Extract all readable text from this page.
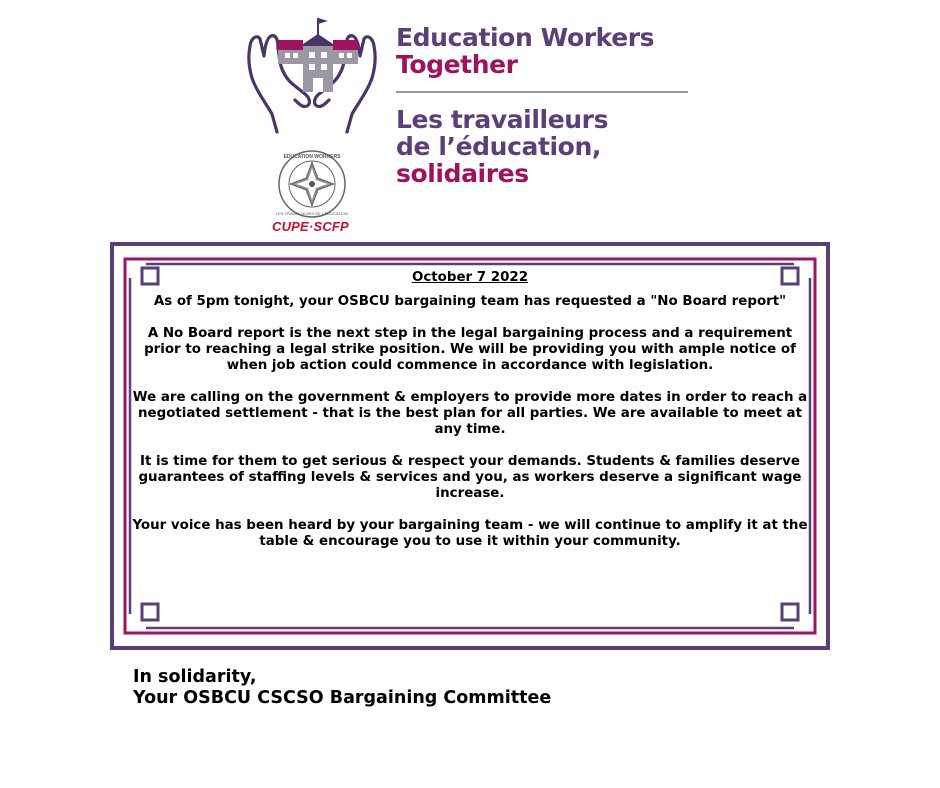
EDUCATION WORKERS
LES TRAVAILLEURS DE L’ÉDUCATION
CUPE·SCFP
Education Workers
Together
Les travailleurs
de l’éducation,
solidaires

October 7 2022

As of 5pm tonight, your OSBCU bargaining team has requested a "No Board report"

A No Board report is the next step in the legal bargaining process and a requirement prior to reaching a legal strike position. We will be providing you with ample notice of when job action could commence in accordance with legislation.

We are calling on the government & employers to provide more dates in order to reach a negotiated settlement - that is the best plan for all parties. We are available to meet at any time.

It is time for them to get serious & respect your demands. Students & families deserve guarantees of staffing levels & services and you, as workers deserve a significant wage increase.

Your voice has been heard by your bargaining team - we will continue to amplify it at the table & encourage you to use it within your community.

In solidarity,
Your OSBCU CSCSO Bargaining Committee
